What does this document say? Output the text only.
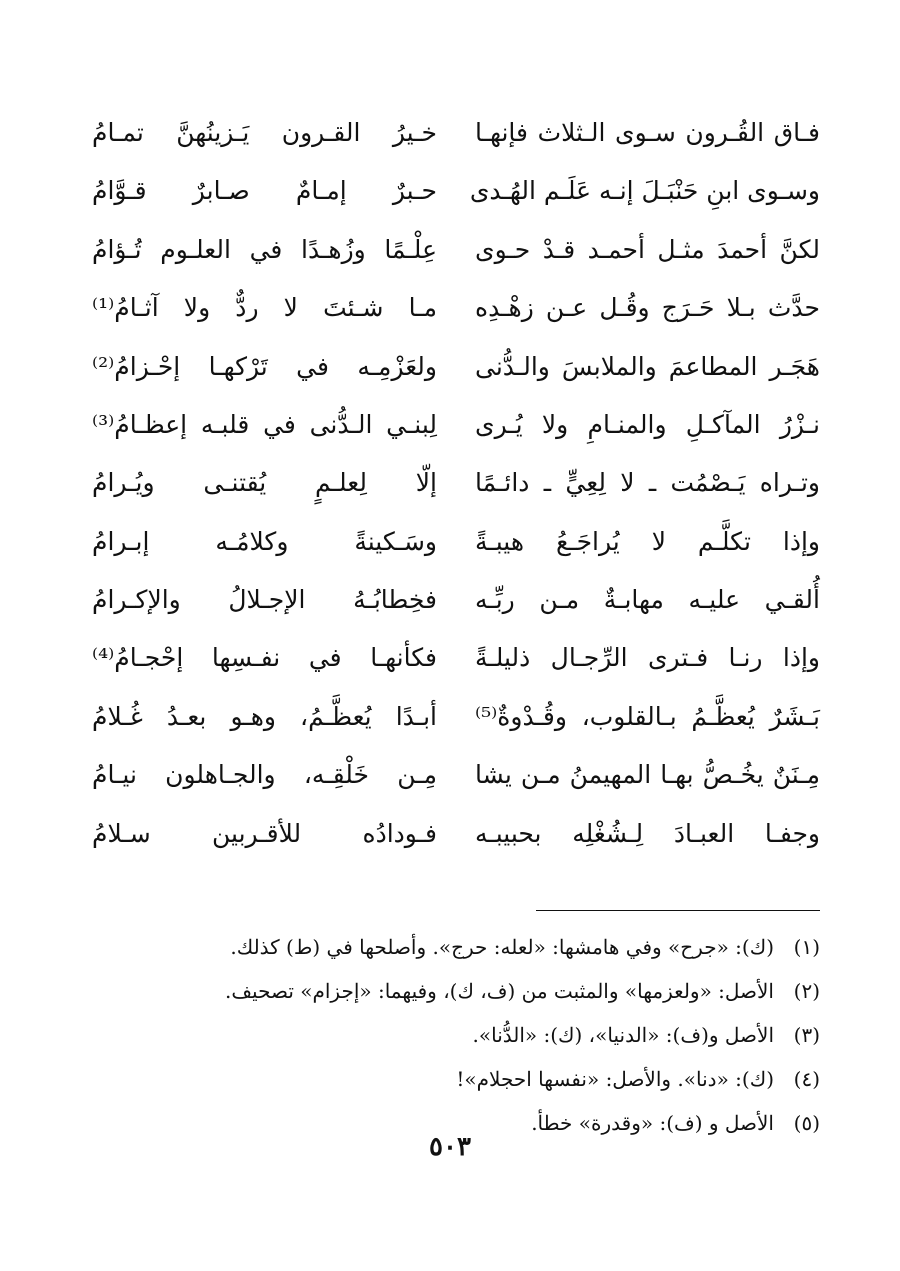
فـاق القُـرون سـوى الـثلاث فإنهـا
خـيرُ القـرون يَـزينُهنَّ تمـامُ
وسـوى ابنِ حَنْبَـلَ إنـه عَلَـم الهُـدى
حـبرٌ إمـامٌ صـابرٌ قـوَّامُ
لكنَّ أحمدَ مثـل أحمـد قـدْ حـوى
عِلْـمًا وزُهـدًا في العلـوم تُـؤامُ
حدَّث بـلا حَـرَج وقُـل عـن زهْـدِه
مـا شـئتَ لا ردٌّ ولا آثـامُ⁽¹⁾
هَجَـر المطاعمَ والملابسَ والـدُّنى
ولعَزْمِـه في تَرْكهـا إحْـزامُ⁽²⁾
نـزْرُ المآكـلِ والمنـامِ ولا يُـرى
لِبنـي الـدُّنى في قلبـه إعظـامُ⁽³⁾
وتـراه يَـصْمُت ـ لا لِعِيٍّ ـ دائـمًا
إلّا لِعلـمٍ يُقتنـى ويُـرامُ
وإذا تكلَّـم لا يُراجَـعُ هيبـةً
وسَـكينةً وكلامُـه إبـرامُ
أُلقـي عليـه مهابـةٌ مـن ربِّـه
فخِطابُـهُ الإجـلالُ والإكـرامُ
وإذا رنـا فـترى الرِّجـال ذليلـةً
فكأنهـا في نفـسِها إحْجـامُ⁽⁴⁾
بَـشَرٌ يُعظَّـمُ بـالقلوب، وقُـدْوةٌ⁽⁵⁾
أبـدًا يُعظَّـمُ، وهـو بعـدُ غُـلامُ
مِـنَنٌ يخُـصُّ بهـا المهيمنُ مـن يشا
مِـن خَلْقِـه، والجـاهلون نيـامُ
وجفـا العبـادَ لِـشُغْلِه بحبيبـه
فـودادُه للأقـربين سـلامُ
(١)
(ك): «جرح» وفي هامشها: «لعله: حرج». وأصلحها في (ط) كذلك.
(٢)
الأصل: «ولعزمها» والمثبت من (ف، ك)، وفيهما: «إجزام» تصحيف.
(٣)
الأصل و(ف): «الدنيا»، (ك): «الدُّنا».
(٤)
(ك): «دنا». والأصل: «نفسها احجلام»!
(٥)
الأصل و (ف): «وقدرة» خطأ.
٥٠٣
